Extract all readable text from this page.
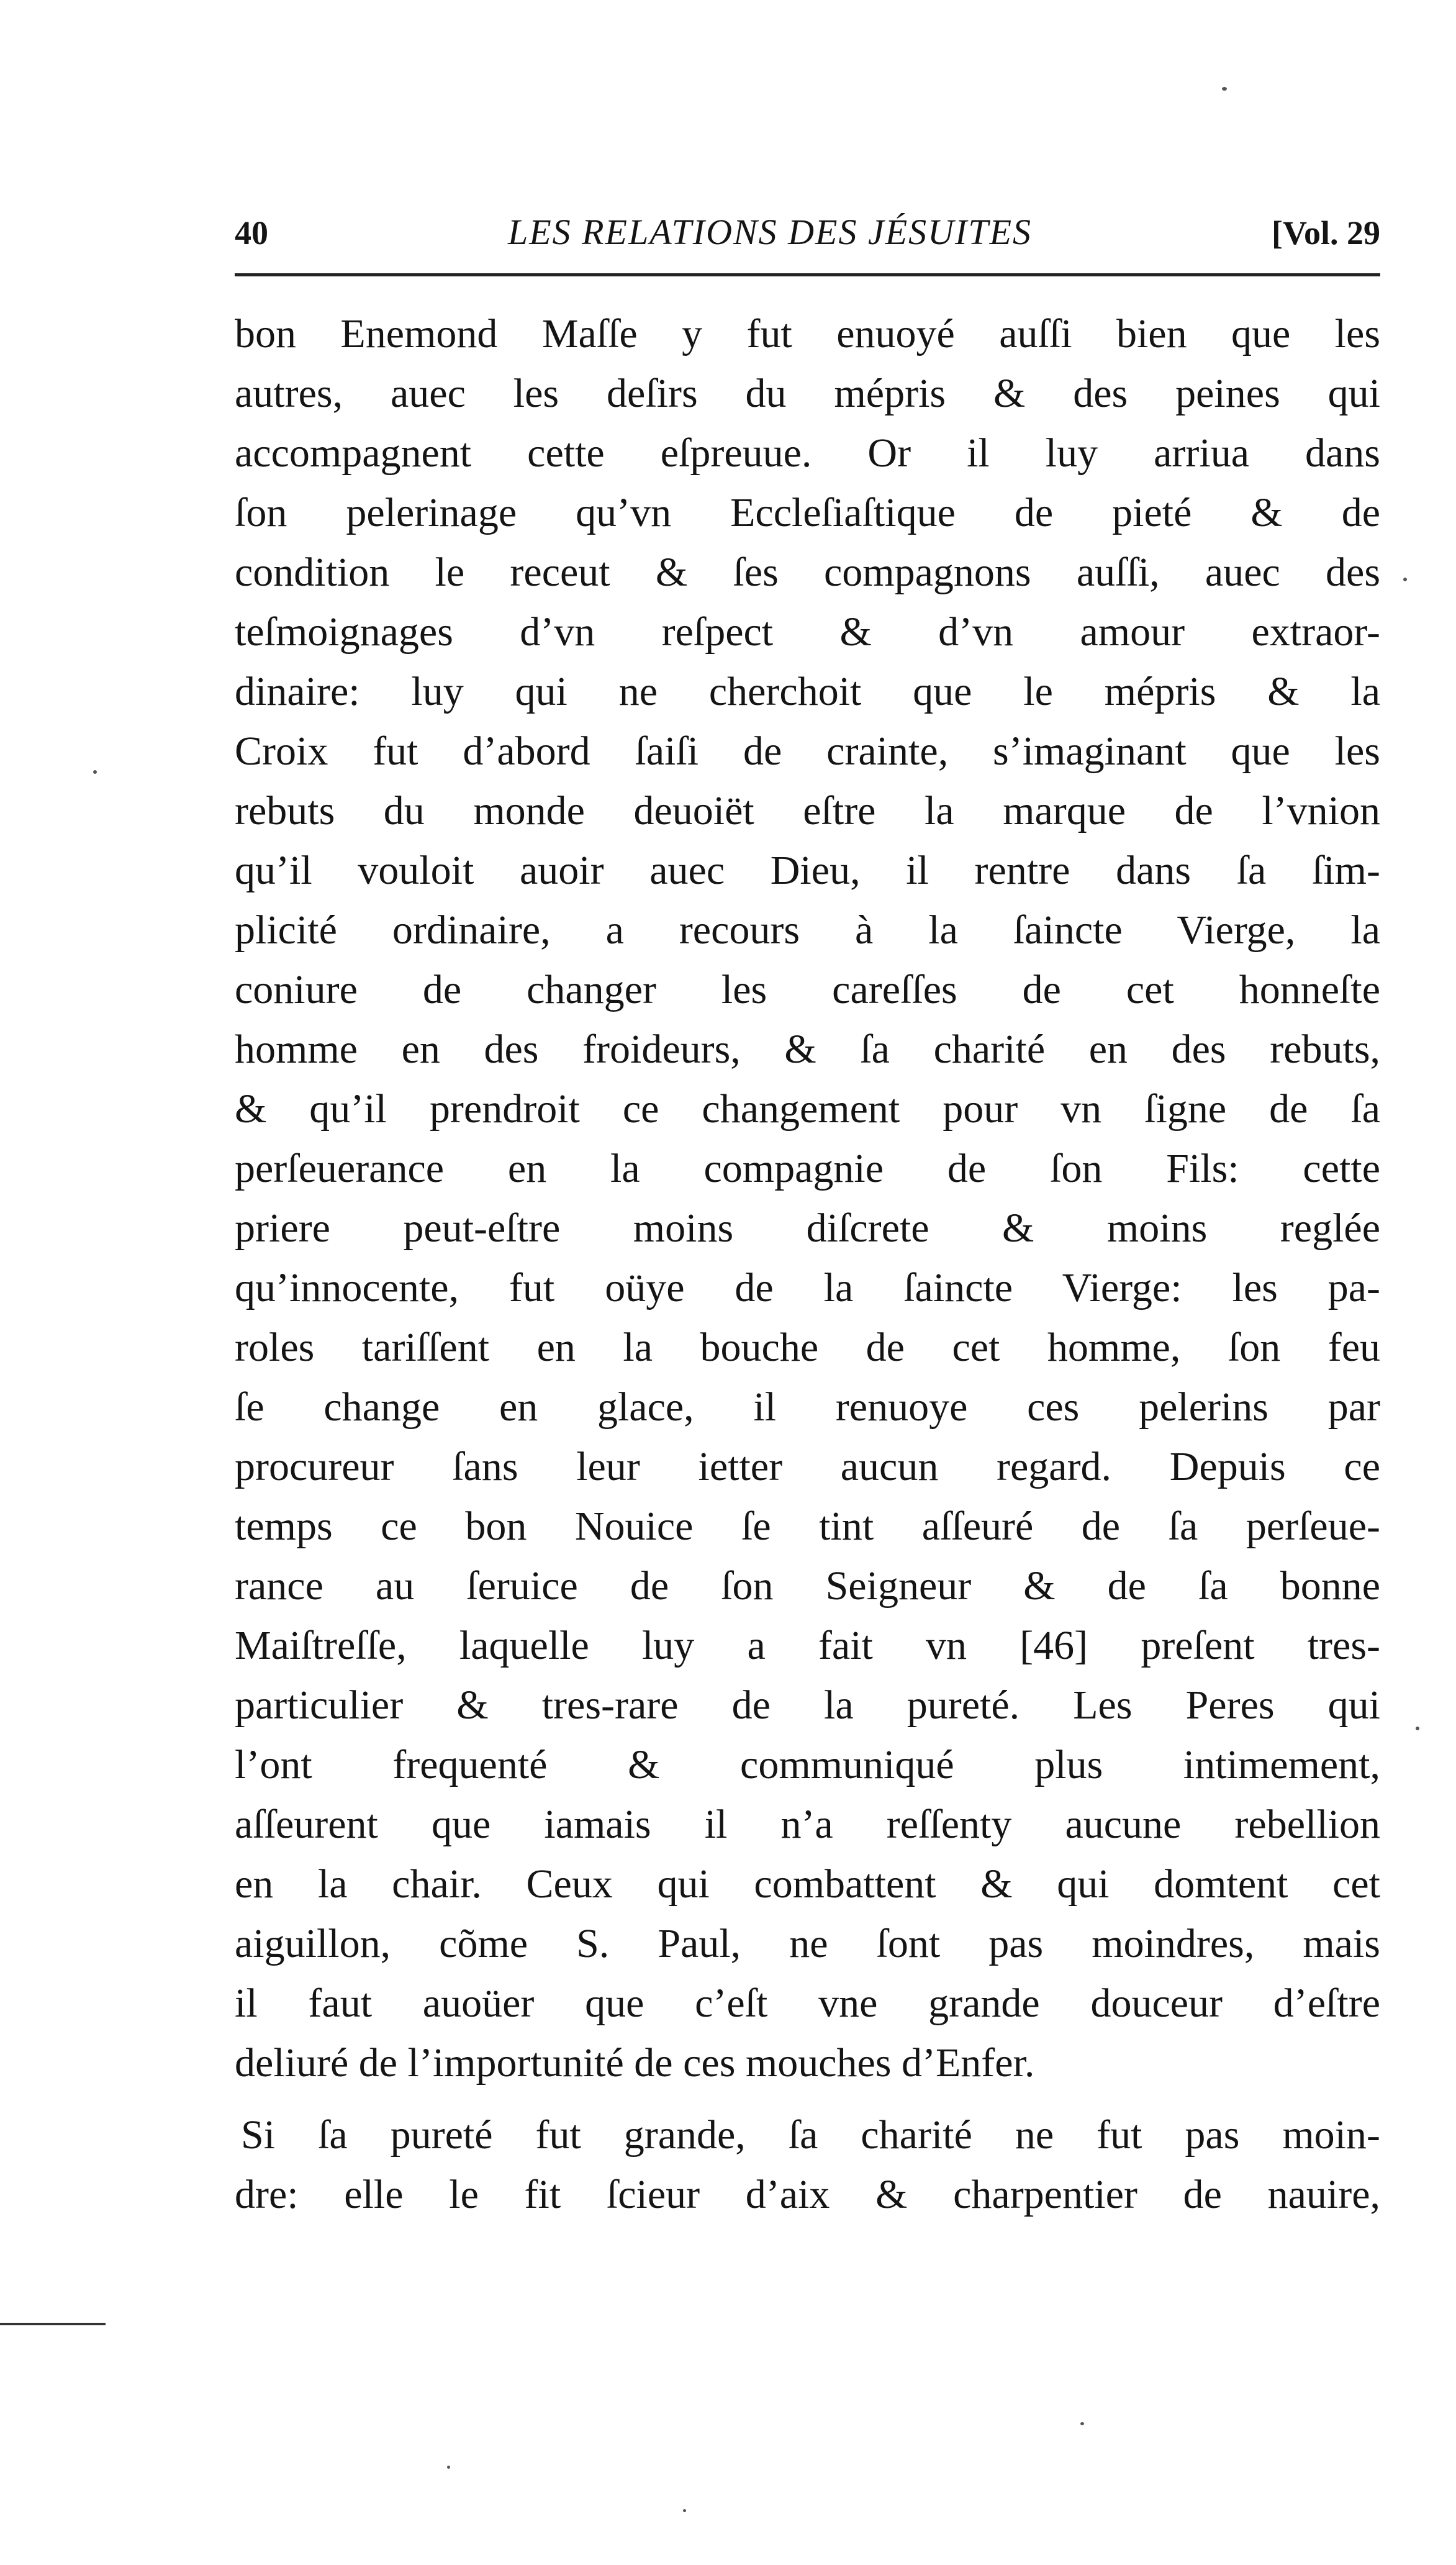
40	LES RELATIONS DES JÉSUITES	[Vol. 29
bon Enemond Maſſe y fut enuoyé auſſi bien que les
autres, auec les deſirs du mépris & des peines qui
accompagnent cette eſpreuue. Or il luy arriua dans
ſon pelerinage qu’vn Eccleſiaſtique de pieté & de
condition le receut & ſes compagnons auſſi, auec des
teſmoignages d’vn reſpect & d’vn amour extraor-
dinaire: luy qui ne cherchoit que le mépris & la
Croix fut d’abord ſaiſi de crainte, s’imaginant que les
rebuts du monde deuoiët eſtre la marque de l’vnion
qu’il vouloit auoir auec Dieu, il rentre dans ſa ſim-
plicité ordinaire, a recours à la ſaincte Vierge, la
coniure de changer les careſſes de cet honneſte
homme en des froideurs, & ſa charité en des rebuts,
& qu’il prendroit ce changement pour vn ſigne de ſa
perſeuerance en la compagnie de ſon Fils: cette
priere peut-eſtre moins diſcrete & moins reglée
qu’innocente, fut oüye de la ſaincte Vierge: les pa-
roles tariſſent en la bouche de cet homme, ſon feu
ſe change en glace, il renuoye ces pelerins par
procureur ſans leur ietter aucun regard. Depuis ce
temps ce bon Nouice ſe tint aſſeuré de ſa perſeue-
rance au ſeruice de ſon Seigneur & de ſa bonne
Maiſtreſſe, laquelle luy a fait vn [46] preſent tres-
particulier & tres-rare de la pureté. Les Peres qui
l’ont frequenté & communiqué plus intimement,
aſſeurent que iamais il n’a reſſenty aucune rebellion
en la chair. Ceux qui combattent & qui domtent cet
aiguillon, cõme S. Paul, ne ſont pas moindres, mais
il faut auoüer que c’eſt vne grande douceur d’eſtre
deliuré de l’importunité de ces mouches d’Enfer.
Si ſa pureté fut grande, ſa charité ne fut pas moin-
dre: elle le fit ſcieur d’aix & charpentier de nauire,
